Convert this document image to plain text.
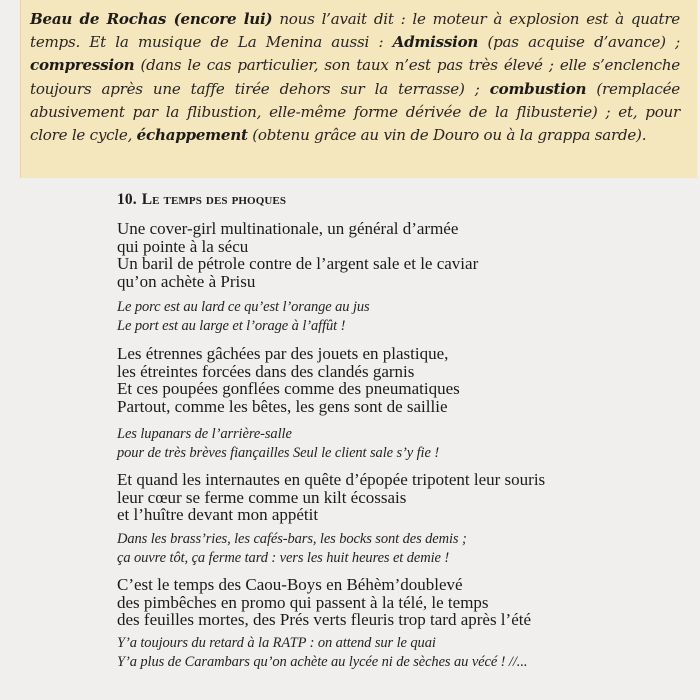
Beau de Rochas (encore lui) nous l’avait dit : le moteur à explosion est à quatre temps. Et la musique de La Menina aussi : Admission (pas acquise d’avance) ; compression (dans le cas particulier, son taux n’est pas très élevé ; elle s’enclenche toujours après une taffe tirée dehors sur la terrasse) ; combustion (remplacée abusivement par la flibustion, elle-même forme dérivée de la flibusterie) ; et, pour clore le cycle, échappement (obtenu grâce au vin de Douro ou à la grappa sarde).
10. Le temps des phoques
Une cover-girl multinationale, un général d’armée
qui pointe à la sécu
Un baril de pétrole contre de l’argent sale et le caviar
qu’on achète à Prisu
Le porc est au lard ce qu’est l’orange au jus
Le port est au large et l’orage à l’affût !
Les étrennes gâchées par des jouets en plastique,
les étreintes forcées dans des clandés garnis
Et ces poupées gonflées comme des pneumatiques
Partout, comme les bêtes, les gens sont de saillie
Les lupanars de l’arrière-salle
pour de très brèves fiançailles Seul le client sale s’y fie !
Et quand les internautes en quête d’épopée tripotent leur souris
leur cœur se ferme comme un kilt écossais
et l’huître devant mon appétit
Dans les brass’ries, les cafés-bars, les bocks sont des demis ;
ça ouvre tôt, ça ferme tard : vers les huit heures et demie !
C’est le temps des Caou-Boys en Béhèm’doublevé
des pimbêches en promo qui passent à la télé, le temps
des feuilles mortes, des Prés verts fleuris trop tard après l’été
Y’a toujours du retard à la RATP : on attend sur le quai
Y’a plus de Carambars qu’on achète au lycée ni de sèches au vécé ! //...
